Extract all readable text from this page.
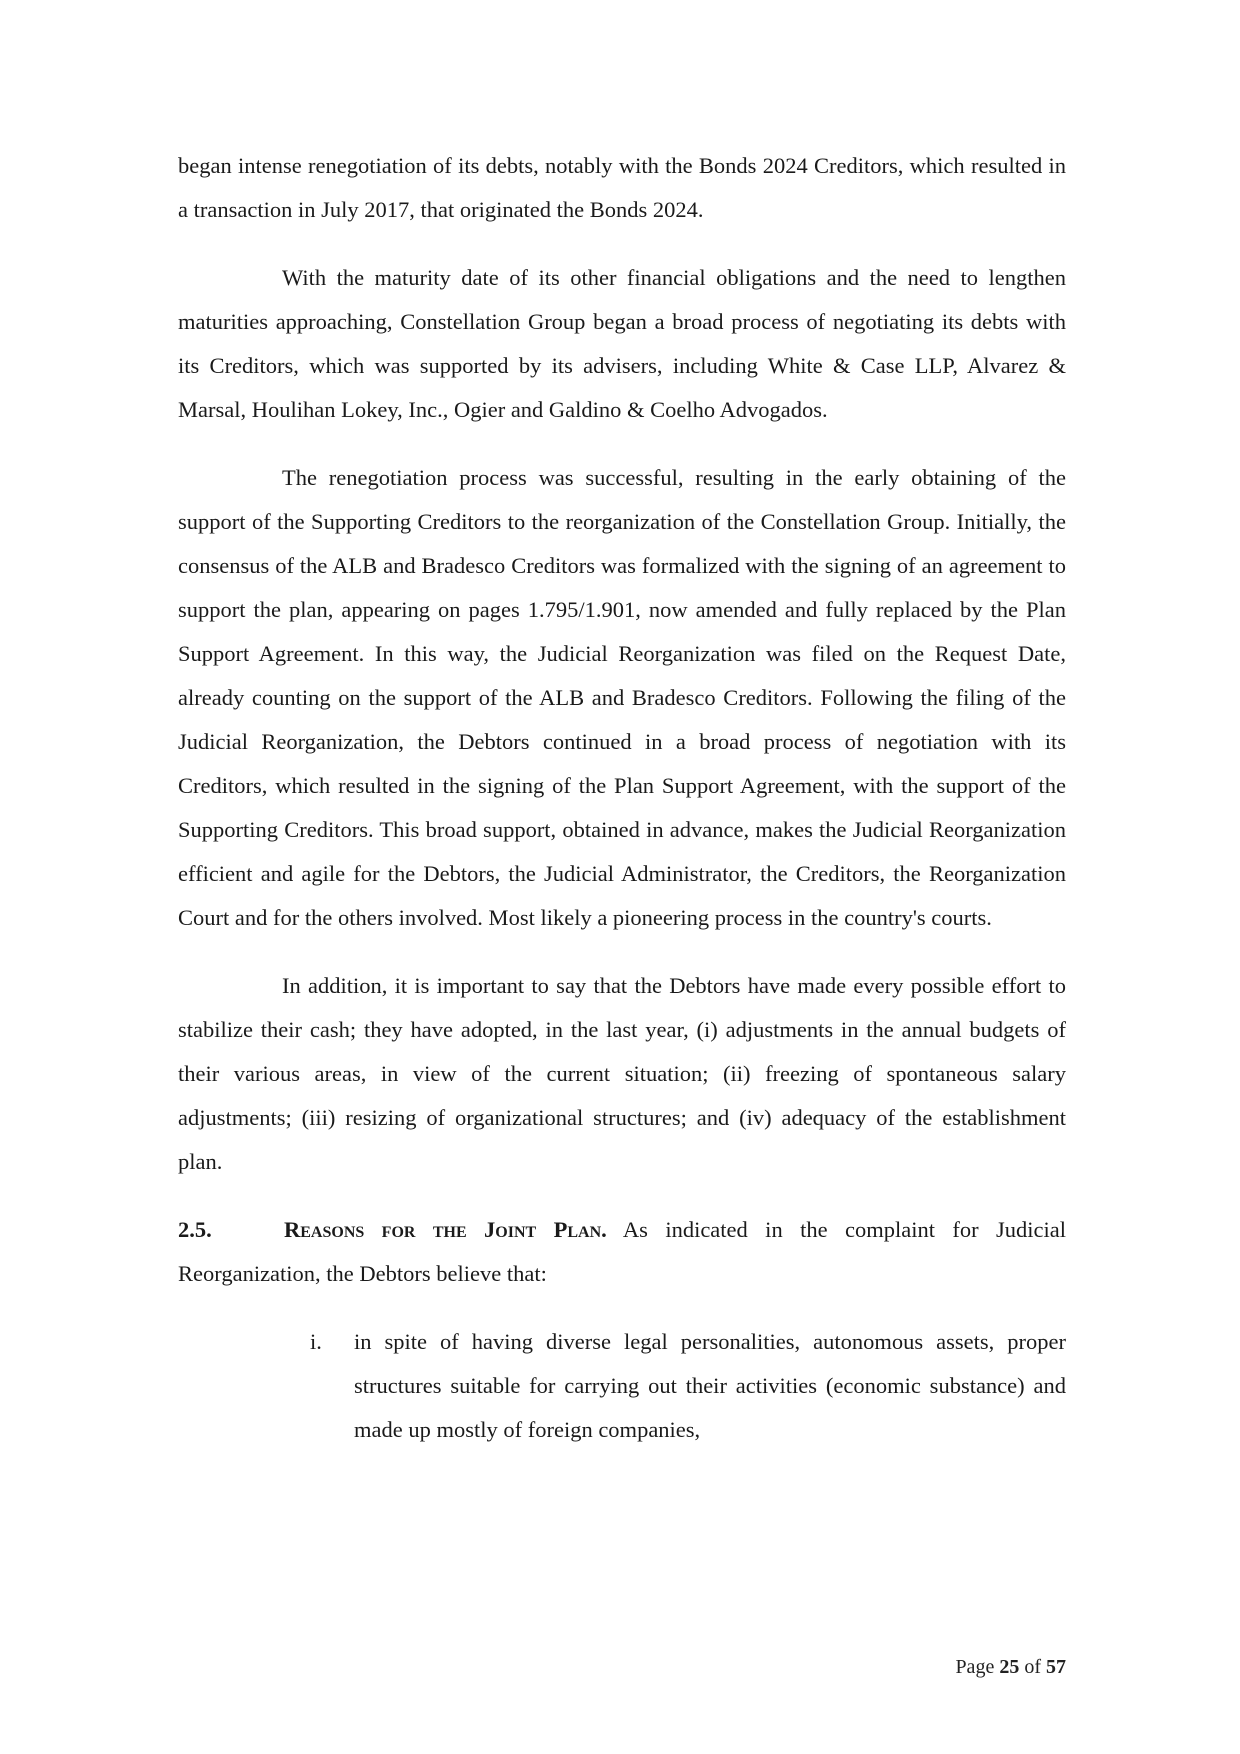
began intense renegotiation of its debts, notably with the Bonds 2024 Creditors, which resulted in a transaction in July 2017, that originated the Bonds 2024.

With the maturity date of its other financial obligations and the need to lengthen maturities approaching, Constellation Group began a broad process of negotiating its debts with its Creditors, which was supported by its advisers, including White & Case LLP, Alvarez & Marsal, Houlihan Lokey, Inc., Ogier and Galdino & Coelho Advogados.

The renegotiation process was successful, resulting in the early obtaining of the support of the Supporting Creditors to the reorganization of the Constellation Group. Initially, the consensus of the ALB and Bradesco Creditors was formalized with the signing of an agreement to support the plan, appearing on pages 1.795/1.901, now amended and fully replaced by the Plan Support Agreement. In this way, the Judicial Reorganization was filed on the Request Date, already counting on the support of the ALB and Bradesco Creditors. Following the filing of the Judicial Reorganization, the Debtors continued in a broad process of negotiation with its Creditors, which resulted in the signing of the Plan Support Agreement, with the support of the Supporting Creditors. This broad support, obtained in advance, makes the Judicial Reorganization efficient and agile for the Debtors, the Judicial Administrator, the Creditors, the Reorganization Court and for the others involved. Most likely a pioneering process in the country's courts.

In addition, it is important to say that the Debtors have made every possible effort to stabilize their cash; they have adopted, in the last year, (i) adjustments in the annual budgets of their various areas, in view of the current situation; (ii) freezing of spontaneous salary adjustments; (iii) resizing of organizational structures; and (iv) adequacy of the establishment plan.

2.5.	Reasons for the Joint Plan. As indicated in the complaint for Judicial Reorganization, the Debtors believe that:

i. in spite of having diverse legal personalities, autonomous assets, proper structures suitable for carrying out their activities (economic substance) and made up mostly of foreign companies,

Page 25 of 57
